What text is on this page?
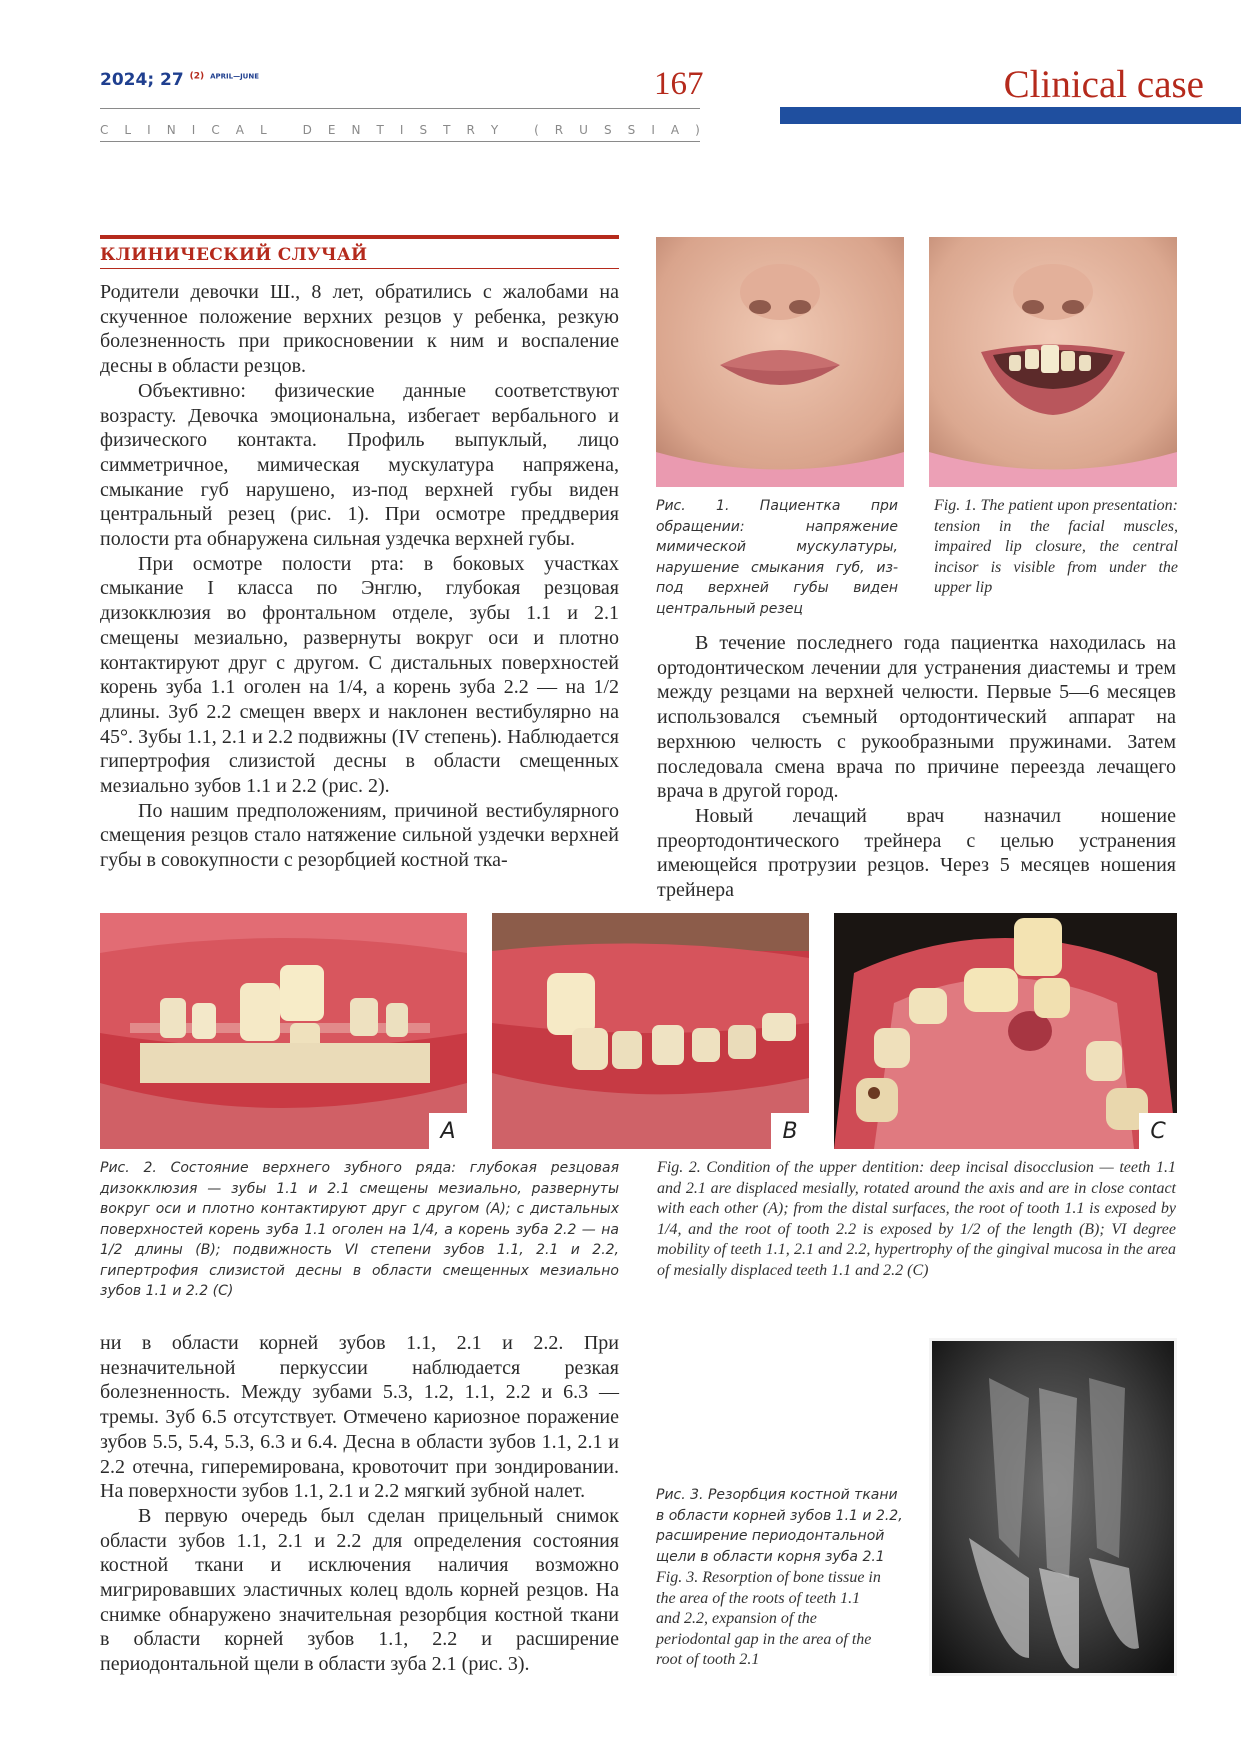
2024; 27 $^{(2)}$ $^{APRIL—JUNE}$	167
C L I N I C A L
	D E N T I S T R Y
	( R U S S I A )
Clinical case
КЛИНИЧЕСКИЙ СЛУЧАЙ

Родители девочки Ш., 8 лет, обратились с жалобами на скученное положение верхних резцов у ребенка, резкую болезненность при прикосновении к ним и воспаление десны в области резцов.

Объективно: физические данные соответствуют возрасту. Девочка эмоциональна, избегает вербального и физического контакта. Профиль выпуклый, лицо симметричное, мимическая мускулатура напряжена, смыкание губ нарушено, из-под верхней губы виден центральный резец (рис. 1). При осмотре преддверия полости рта обнаружена сильная уздечка верхней губы.

При осмотре полости рта: в боковых участках смыкание I класса по Энглю, глубокая резцовая дизокклюзия во фронтальном отделе, зубы 1.1 и 2.1 смещены мезиально, развернуты вокруг оси и плотно контактируют друг с другом. С дистальных поверхностей корень зуба 1.1 оголен на 1/4, а корень зуба 2.2 — на 1/2 длины. Зуб 2.2 смещен вверх и наклонен вестибулярно на 45°. Зубы 1.1, 2.1 и 2.2 подвижны (IV степень). Наблюдается гипертрофия слизистой десны в области смещенных мезиально зубов 1.1 и 2.2 (рис. 2).

По нашим предположениям, причиной вестибулярного смещения резцов стало натяжение сильной уздечки верхней губы в совокупности с резорбцией костной тка-

Рис. 1. Пациентка при обращении: напряжение мимической мускулатуры, нарушение смыкания губ, из-под верхней губы виден центральный резец
Fig. 1. The patient upon presentation: tension in the facial muscles, impaired lip closure, the central incisor is visible from under the upper lip

В течение последнего года пациентка находилась на ортодонтическом лечении для устранения диастемы и трем между резцами на верхней челюсти. Первые 5—6 месяцев использовался съемный ортодонтический аппарат на верхнюю челюсть с рукообразными пружинами. Затем последовала смена врача по причине переезда лечащего врача в другой город.

Новый лечащий врач назначил ношение преортодонтического трейнера с целью устранения имеющейся протрузии резцов. Через 5 месяцев ношения трейнера

A	B	C
Рис. 2. Состояние верхнего зубного ряда: глубокая резцовая дизокклюзия — зубы 1.1 и 2.1 смещены мезиально, развернуты вокруг оси и плотно контактируют друг с другом (A); с дистальных поверхностей корень зуба 1.1 оголен на 1/4, а корень зуба 2.2 — на 1/2 длины (B); подвижность VI степени зубов 1.1, 2.1 и 2.2, гипертрофия слизистой десны в области смещенных мезиально зубов 1.1 и 2.2 (C)
Fig. 2. Condition of the upper dentition: deep incisal disocclusion — teeth 1.1 and 2.1 are displaced mesially, rotated around the axis and are in close contact with each other (A); from the distal surfaces, the root of tooth 1.1 is exposed by 1/4, and the root of tooth 2.2 is exposed by 1/2 of the length (B); VI degree mobility of teeth 1.1, 2.1 and 2.2, hypertrophy of the gingival mucosa in the area of mesially displaced teeth 1.1 and 2.2 (C)

ни в области корней зубов 1.1, 2.1 и 2.2. При незначительной перкуссии наблюдается резкая болезненность. Между зубами 5.3, 1.2, 1.1, 2.2 и 6.3 — тремы. Зуб 6.5 отсутствует. Отмечено кариозное поражение зубов 5.5, 5.4, 5.3, 6.3 и 6.4. Десна в области зубов 1.1, 2.1 и 2.2 отечна, гиперемирована, кровоточит при зондировании. На поверхности зубов 1.1, 2.1 и 2.2 мягкий зубной налет.

В первую очередь был сделан прицельный снимок области зубов 1.1, 2.1 и 2.2 для определения состояния костной ткани и исключения наличия возможно мигрировавших эластичных колец вдоль корней резцов. На снимке обнаружено значительная резорбция костной ткани в области корней зубов 1.1, 2.2 и расширение периодонтальной щели в области зуба 2.1 (рис. 3).

Рис. 3. Резорбция костной ткани в области корней зубов 1.1 и 2.2, расширение периодонтальной щели в области корня зуба 2.1
Fig. 3. Resorption of bone tissue in the area of the roots of teeth 1.1 and 2.2, expansion of the periodontal gap in the area of the root of tooth 2.1
